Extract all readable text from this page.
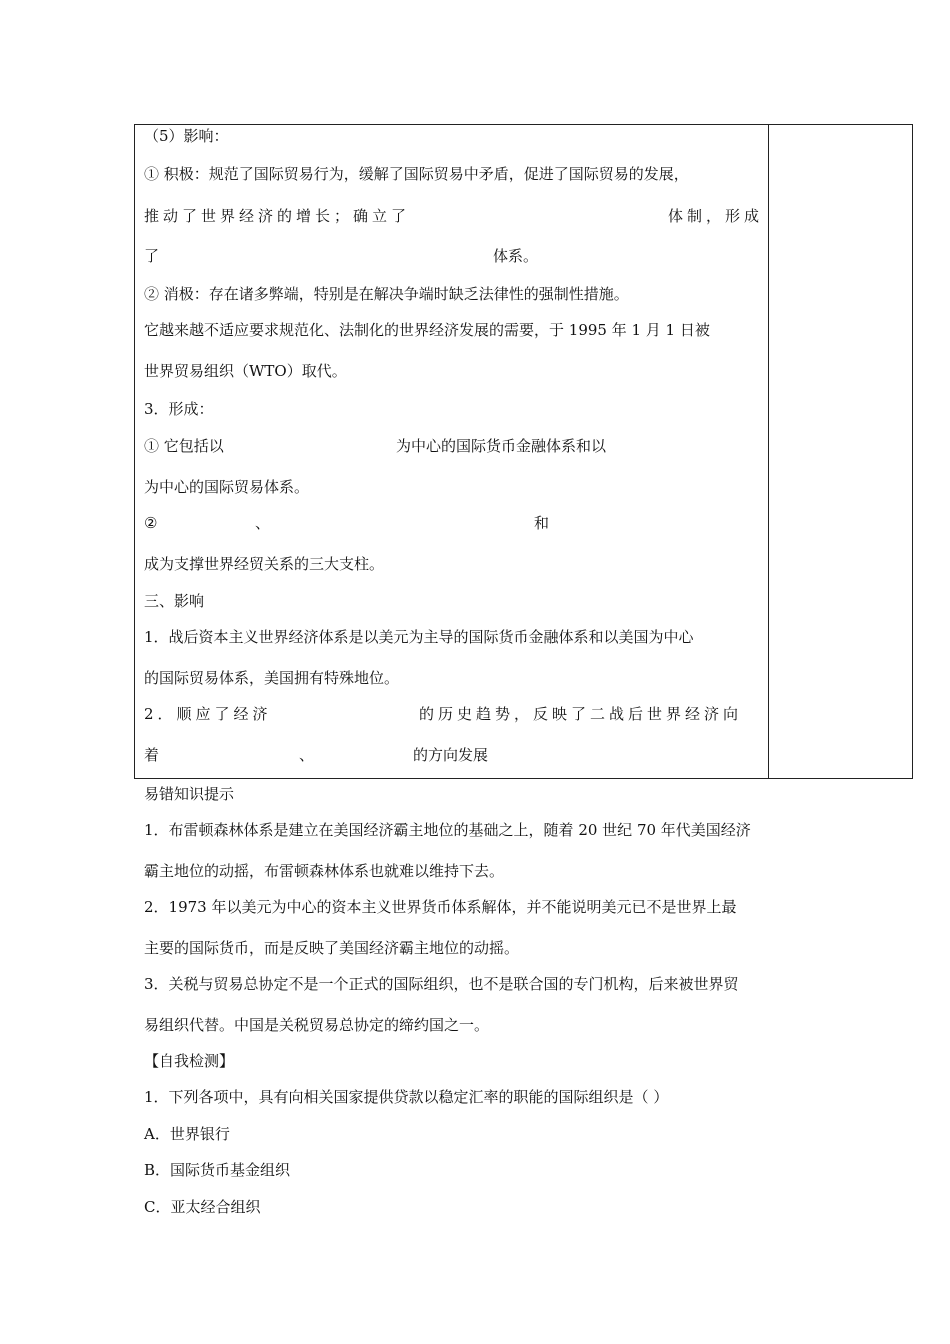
（5）影响：
① 积极：规范了国际贸易行为，缓解了国际贸易中矛盾，促进了国际贸易的发展，
推动了世界经济的增长；确立了	体制，形成
了	体系。
② 消极：存在诸多弊端，特别是在解决争端时缺乏法律性的强制性措施。
它越来越不适应要求规范化、法制化的世界经济发展的需要，于 1995 年 1 月 1 日被
世界贸易组织（WTO）取代。
3．形成：
① 它包括以	为中心的国际货币金融体系和以
为中心的国际贸易体系。
②	、	和
成为支撑世界经贸关系的三大支柱。
三、影响
1．战后资本主义世界经济体系是以美元为主导的国际货币金融体系和以美国为中心
的国际贸易体系，美国拥有特殊地位。
2．顺应了经济	的历史趋势，反映了二战后世界经济向
着	、	的方向发展
易错知识提示
1．布雷顿森林体系是建立在美国经济霸主地位的基础之上，随着 20 世纪 70 年代美国经济
霸主地位的动摇，布雷顿森林体系也就难以维持下去。
2．1973 年以美元为中心的资本主义世界货币体系解体，并不能说明美元已不是世界上最
主要的国际货币，而是反映了美国经济霸主地位的动摇。
3．关税与贸易总协定不是一个正式的国际组织，也不是联合国的专门机构，后来被世界贸
易组织代替。中国是关税贸易总协定的缔约国之一。
【自我检测】
1．下列各项中，具有向相关国家提供贷款以稳定汇率的职能的国际组织是（ ）
A．世界银行
B．国际货币基金组织
C．亚太经合组织
